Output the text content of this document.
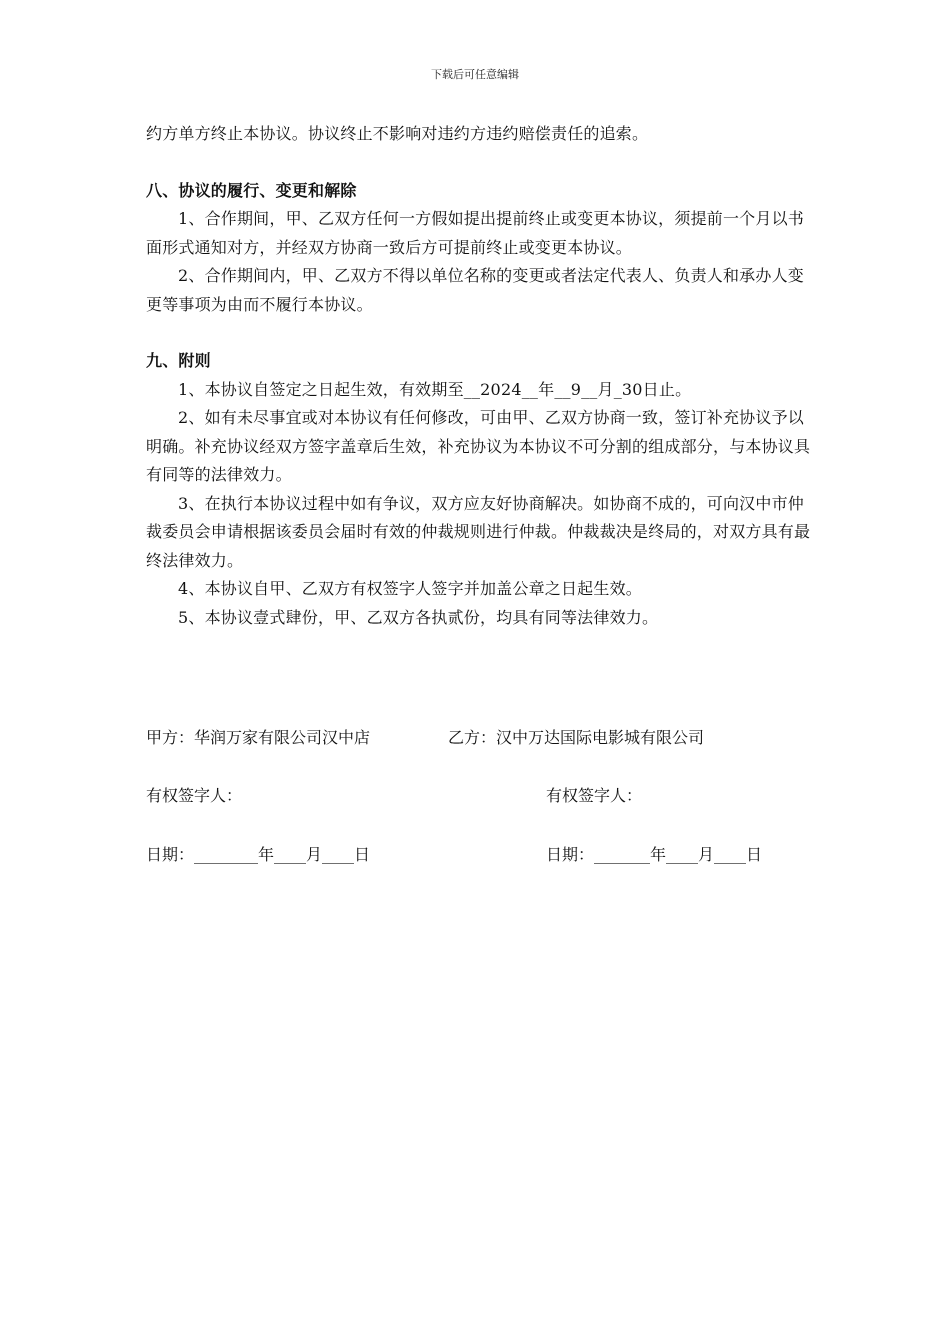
下载后可任意编辑

约方单方终止本协议。协议终止不影响对违约方违约赔偿责任的追索。

八、协议的履行、变更和解除

1、合作期间，甲、乙双方任何一方假如提出提前终止或变更本协议，须提前一个月以书面形式通知对方，并经双方协商一致后方可提前终止或变更本协议。

2、合作期间内，甲、乙双方不得以单位名称的变更或者法定代表人、负责人和承办人变更等事项为由而不履行本协议。

九、附则

1、本协议自签定之日起生效，有效期至__2024__年__9__月_30日止。

2、如有未尽事宜或对本协议有任何修改，可由甲、乙双方协商一致，签订补充协议予以明确。补充协议经双方签字盖章后生效，补充协议为本协议不可分割的组成部分，与本协议具有同等的法律效力。

3、在执行本协议过程中如有争议，双方应友好协商解决。如协商不成的，可向汉中市仲裁委员会申请根据该委员会届时有效的仲裁规则进行仲裁。仲裁裁决是终局的，对双方具有最终法律效力。

4、本协议自甲、乙双方有权签字人签字并加盖公章之日起生效。

5、本协议壹式肆份，甲、乙双方各执贰份，均具有同等法律效力。

甲方：华润万家有限公司汉中店	乙方：汉中万达国际电影城有限公司
有权签字人：	有权签字人：
日期：________年____月____日	日期：_______年____月____日
